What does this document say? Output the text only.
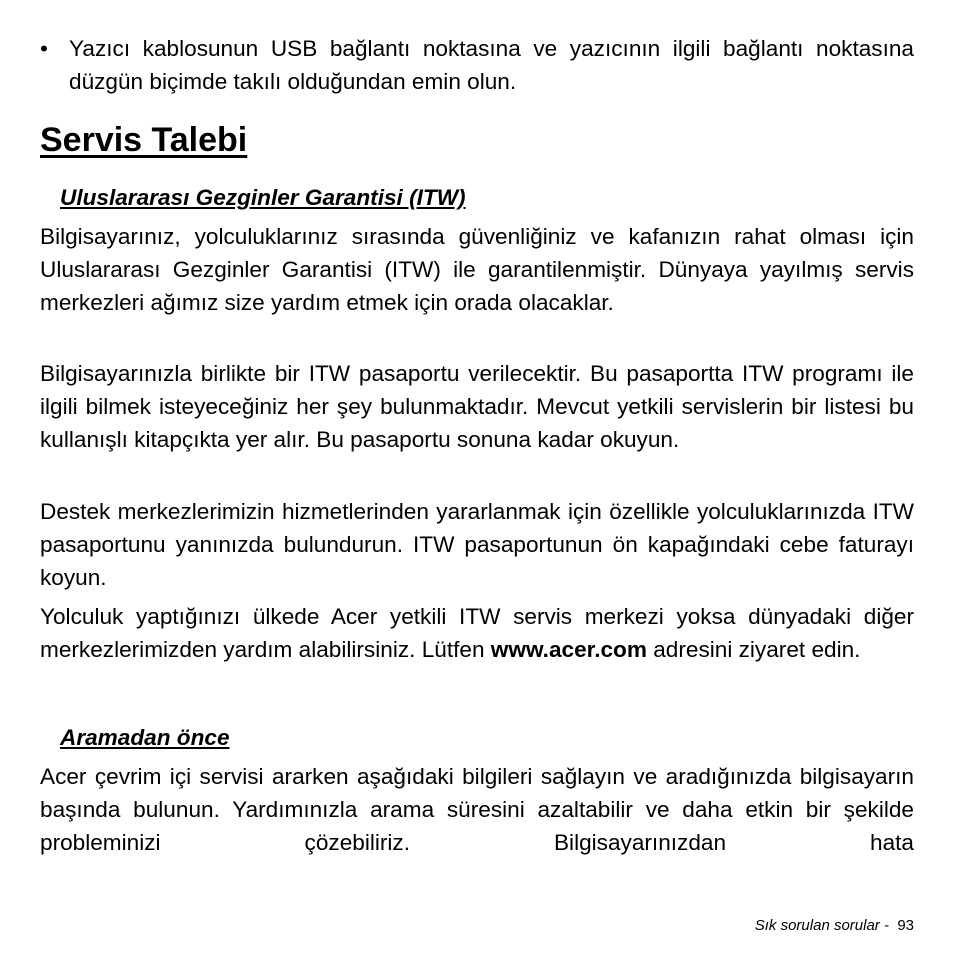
• Yazıcı kablosunun USB bağlantı noktasına ve yazıcının ilgili bağlantı noktasına düzgün biçimde takılı olduğundan emin olun.
Servis Talebi
Uluslararası Gezginler Garantisi (ITW)

Bilgisayarınız, yolculuklarınız sırasında güvenliğiniz ve kafanızın rahat olması için Uluslararası Gezginler Garantisi (ITW) ile garantilenmiştir. Dünyaya yayılmış servis merkezleri ağımız size yardım etmek için orada olacaklar.

Bilgisayarınızla birlikte bir ITW pasaportu verilecektir. Bu pasaportta ITW programı ile ilgili bilmek isteyeceğiniz her şey bulunmaktadır. Mevcut yetkili servislerin bir listesi bu kullanışlı kitapçıkta yer alır. Bu pasaportu sonuna kadar okuyun.

Destek merkezlerimizin hizmetlerinden yararlanmak için özellikle yolculuklarınızda ITW pasaportunu yanınızda bulundurun. ITW pasaportunun ön kapağındaki cebe faturayı koyun.

Yolculuk yaptığınızı ülkede Acer yetkili ITW servis merkezi yoksa dünyadaki diğer merkezlerimizden yardım alabilirsiniz. Lütfen www.acer.com adresini ziyaret edin.

Aramadan önce

Acer çevrim içi servisi ararken aşağıdaki bilgileri sağlayın ve aradığınızda bilgisayarın başında bulunun. Yardımınızla arama süresini azaltabilir ve daha etkin bir şekilde probleminizi çözebiliriz. Bilgisayarınızdan hata

Sık sorulan sorular - 93
